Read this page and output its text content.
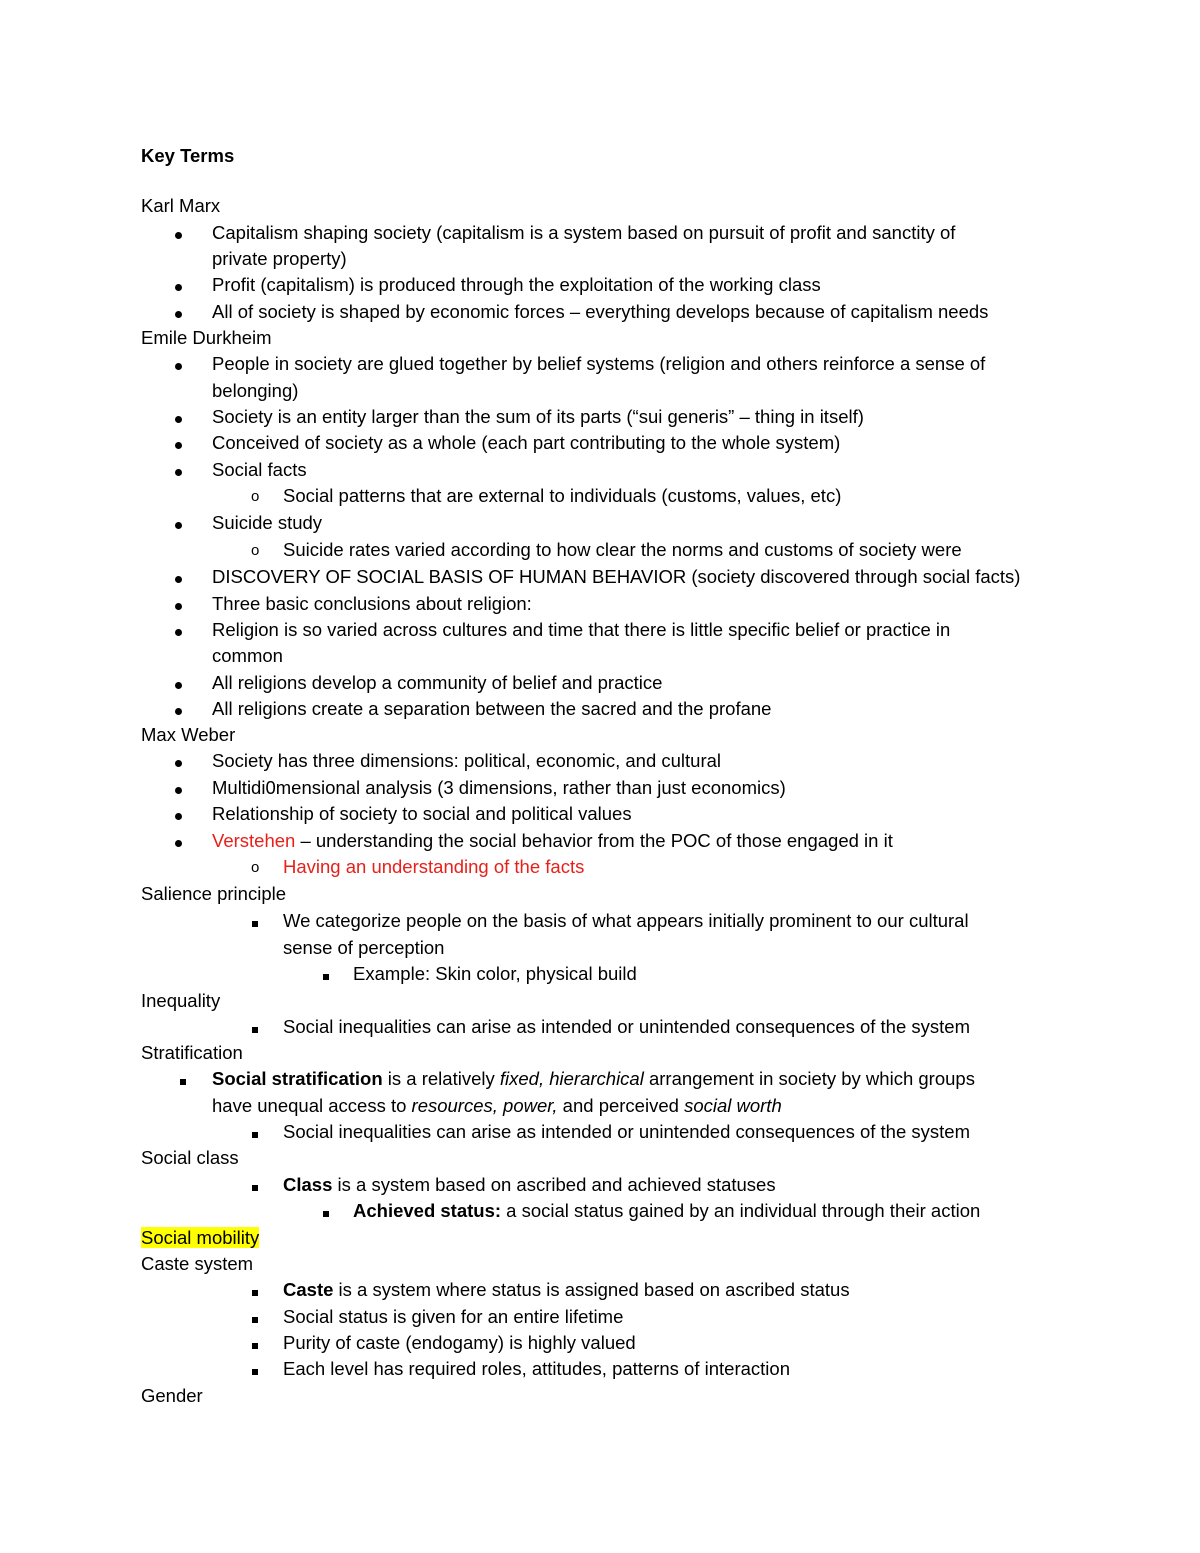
Key Terms
Karl Marx
Capitalism shaping society (capitalism is a system based on pursuit of profit and sanctity of
private property)
Profit (capitalism) is produced through the exploitation of the working class
All of society is shaped by economic forces – everything develops because of capitalism needs
Emile Durkheim
People in society are glued together by belief systems (religion and others reinforce a sense of
belonging)
Society is an entity larger than the sum of its parts (“sui generis” – thing in itself)
Conceived of society as a whole (each part contributing to the whole system)
Social facts
o Social patterns that are external to individuals (customs, values, etc)
Suicide study
o Suicide rates varied according to how clear the norms and customs of society were
DISCOVERY OF SOCIAL BASIS OF HUMAN BEHAVIOR (society discovered through social facts)
Three basic conclusions about religion:
Religion is so varied across cultures and time that there is little specific belief or practice in
common
All religions develop a community of belief and practice
All religions create a separation between the sacred and the profane
Max Weber
Society has three dimensions: political, economic, and cultural
Multidi0mensional analysis (3 dimensions, rather than just economics)
Relationship of society to social and political values
Verstehen – understanding the social behavior from the POC of those engaged in it
o Having an understanding of the facts
Salience principle
We categorize people on the basis of what appears initially prominent to our cultural
sense of perception
Example: Skin color, physical build
Inequality
Social inequalities can arise as intended or unintended consequences of the system
Stratification
Social stratification is a relatively fixed, hierarchical arrangement in society by which groups
have unequal access to resources, power, and perceived social worth
Social inequalities can arise as intended or unintended consequences of the system
Social class
Class is a system based on ascribed and achieved statuses
Achieved status: a social status gained by an individual through their action
Social mobility
Caste system
Caste is a system where status is assigned based on ascribed status
Social status is given for an entire lifetime
Purity of caste (endogamy) is highly valued
Each level has required roles, attitudes, patterns of interaction
Gender
